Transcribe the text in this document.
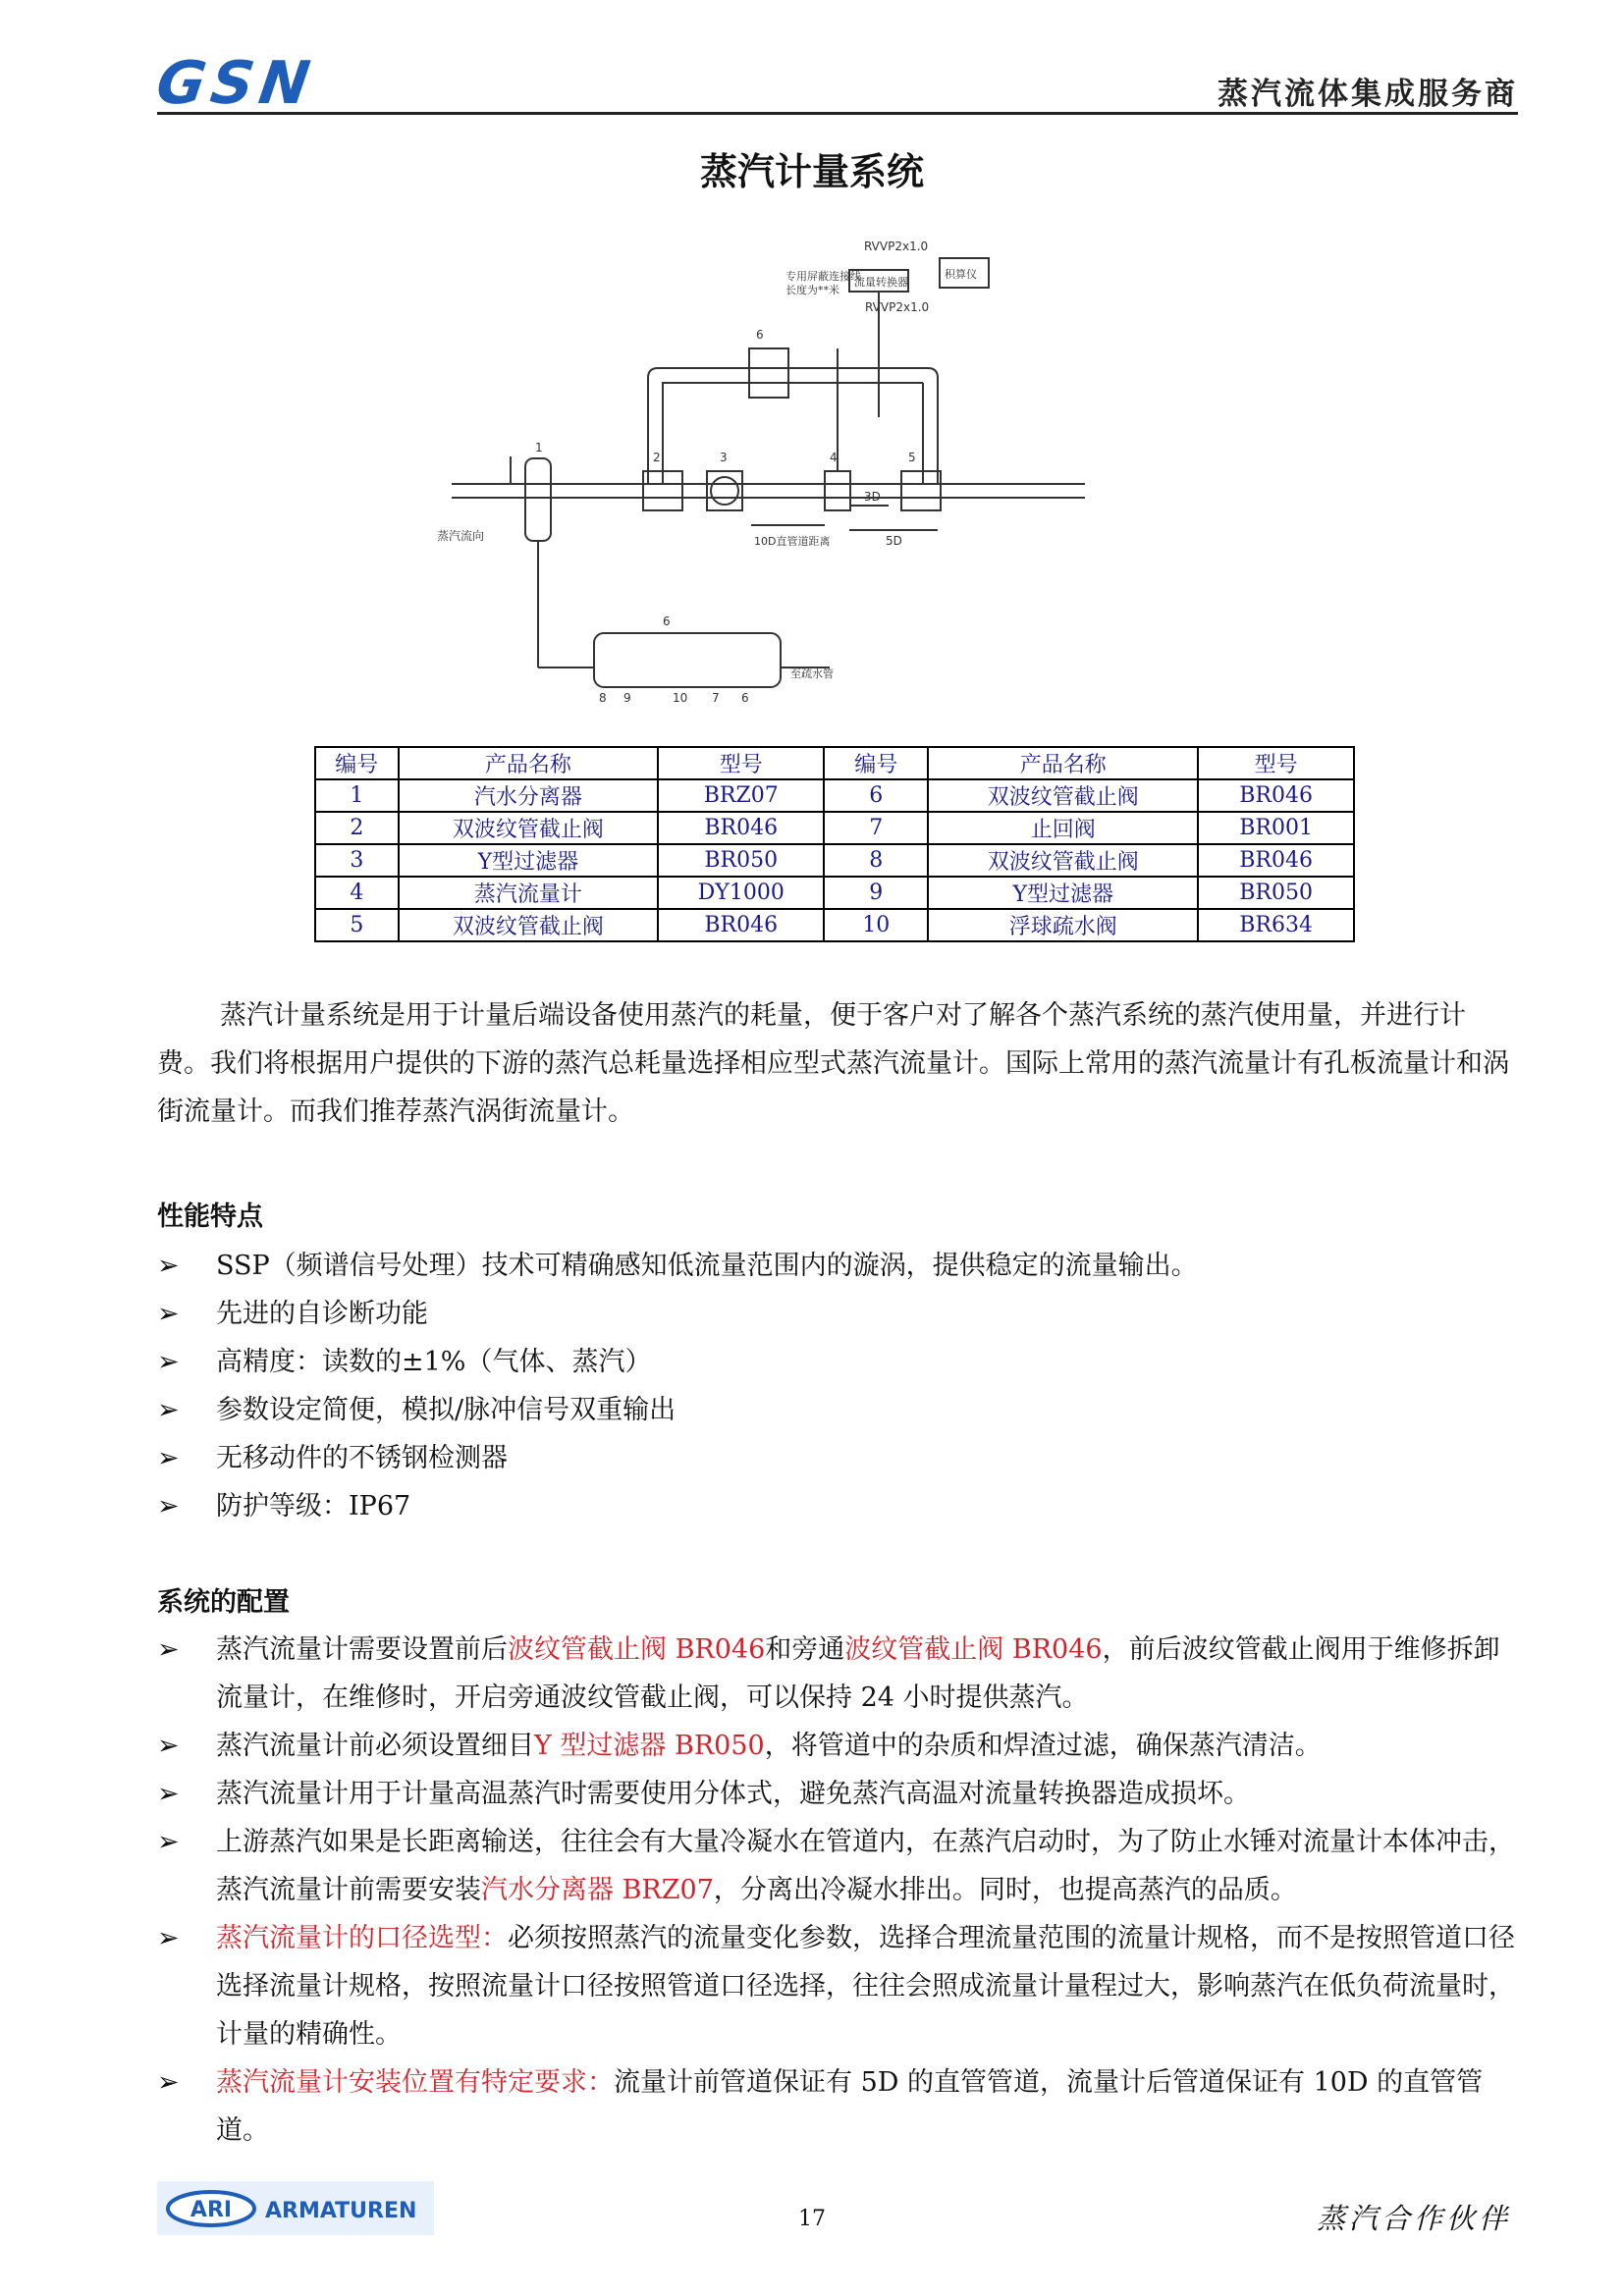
GSN	蒸汽流体集成服务商
蒸汽计量系统
RVVP2x1.0
RVVP2x1.0
专用屏蔽连接线
长度为**米
流量转换器
积算仪
蒸汽流向	10D直管道距离
3D
5D
至疏水管
1
2	3	4	5
6
8 9
6
10 7 6
编号	产品名称	型号	编号	产品名称	型号
1	汽水分离器	BRZ07	6	双波纹管截止阀	BR046
2	双波纹管截止阀	BR046	7	止回阀	BR001
3	Y型过滤器	BR050	8	双波纹管截止阀	BR046
4	蒸汽流量计	DY1000	9	Y型过滤器	BR050
5	双波纹管截止阀	BR046	10	浮球疏水阀	BR634
蒸汽计量系统是用于计量后端设备使用蒸汽的耗量，便于客户对了解各个蒸汽系统的蒸汽使用量，并进行计费。我们将根据用户提供的下游的蒸汽总耗量选择相应型式蒸汽流量计。国际上常用的蒸汽流量计有孔板流量计和涡街流量计。而我们推荐蒸汽涡街流量计。
性能特点
➢ SSP（频谱信号处理）技术可精确感知低流量范围内的漩涡，提供稳定的流量输出。
➢ 先进的自诊断功能
➢ 高精度：读数的±1%（气体、蒸汽）
➢ 参数设定简便，模拟/脉冲信号双重输出
➢ 无移动件的不锈钢检测器
➢ 防护等级：IP67
系统的配置
➢ 蒸汽流量计需要设置前后波纹管截止阀 BR046和旁通波纹管截止阀 BR046，前后波纹管截止阀用于维修拆卸流量计，在维修时，开启旁通波纹管截止阀，可以保持 24 小时提供蒸汽。
➢ 蒸汽流量计前必须设置细目Y 型过滤器 BR050，将管道中的杂质和焊渣过滤，确保蒸汽清洁。
➢ 蒸汽流量计用于计量高温蒸汽时需要使用分体式，避免蒸汽高温对流量转换器造成损坏。
➢ 上游蒸汽如果是长距离输送，往往会有大量冷凝水在管道内，在蒸汽启动时，为了防止水锤对流量计本体冲击，蒸汽流量计前需要安装汽水分离器 BRZ07，分离出冷凝水排出。同时，也提高蒸汽的品质。
➢ 蒸汽流量计的口径选型：必须按照蒸汽的流量变化参数，选择合理流量范围的流量计规格，而不是按照管道口径选择流量计规格，按照流量计口径按照管道口径选择，往往会照成流量计量程过大，影响蒸汽在低负荷流量时，计量的精确性。
➢ 蒸汽流量计安装位置有特定要求：流量计前管道保证有 5D 的直管管道，流量计后管道保证有 10D 的直管管道。
ARI ARMATUREN	17	蒸汽合作伙伴
